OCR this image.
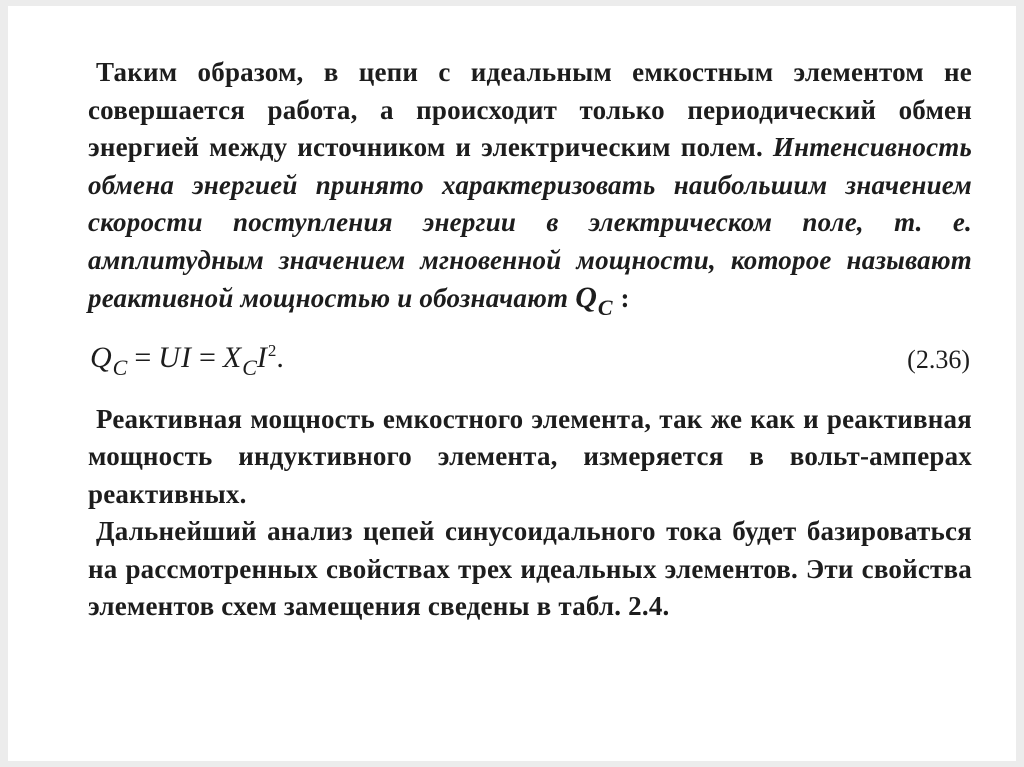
Таким образом, в цепи с идеальным емкостным элементом не совершается работа, а происходит только периодический обмен энергией между источником и электрическим полем. Интенсивность обмена энергией принято характеризовать наибольшим значением скорости поступления энергии в электрическом поле, т. е. амплитудным значением мгновенной мощности, которое называют реактивной мощностью и обозначают $Q_C$ :

$Q_C$ = UI = $X_CI^2$.	(2.36)

Реактивная мощность емкостного элемента, так же как и реактивная мощность индуктивного элемента, измеряется в вольт-амперах реактивных.

Дальнейший анализ цепей синусоидального тока будет базироваться на рассмотренных свойствах трех идеальных элементов. Эти свойства элементов схем замещения сведены в табл. 2.4.
